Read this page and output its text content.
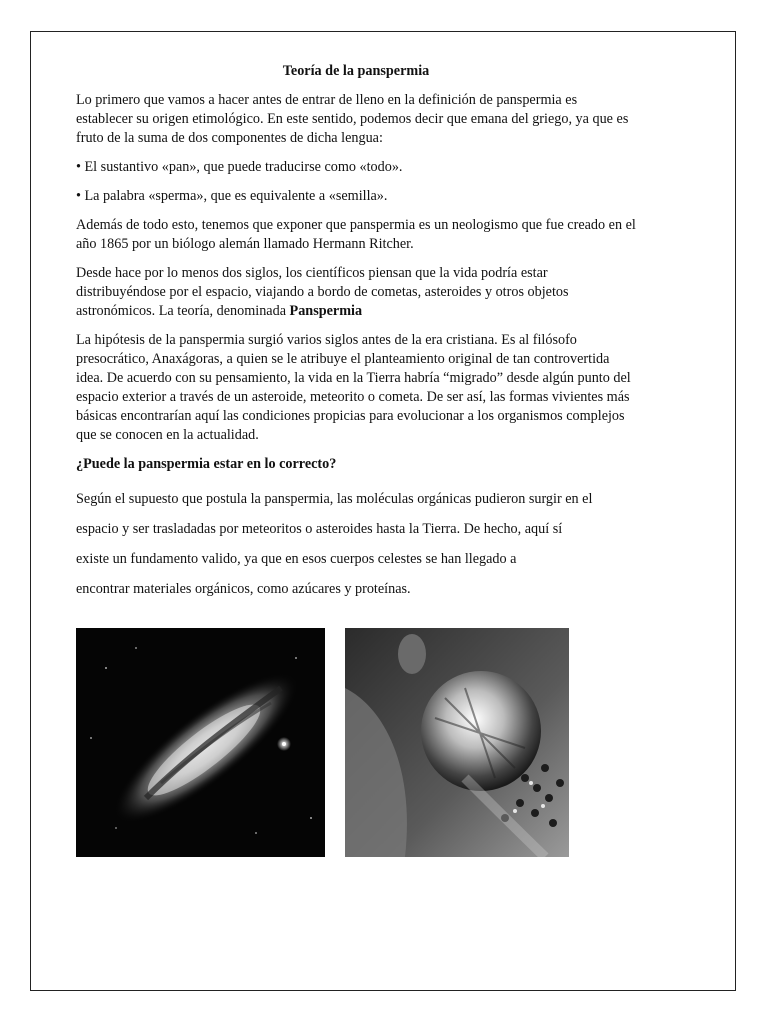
Teoría de la panspermia

Lo primero que vamos a hacer antes de entrar de lleno en la definición de panspermia es establecer su origen etimológico. En este sentido, podemos decir que emana del griego, ya que es fruto de la suma de dos componentes de dicha lengua:

• El sustantivo «pan», que puede traducirse como «todo».

• La palabra «sperma», que es equivalente a «semilla».

Además de todo esto, tenemos que exponer que panspermia es un neologismo que fue creado en el año 1865 por un biólogo alemán llamado Hermann Ritcher.

Desde hace por lo menos dos siglos, los científicos piensan que la vida podría estar distribuyéndose por el espacio, viajando a bordo de cometas, asteroides y otros objetos astronómicos. La teoría, denominada Panspermia

La hipótesis de la panspermia surgió varios siglos antes de la era cristiana. Es al filósofo presocrático, Anaxágoras, a quien se le atribuye el planteamiento original de tan controvertida idea. De acuerdo con su pensamiento, la vida en la Tierra habría “migrado” desde algún punto del espacio exterior a través de un asteroide, meteorito o cometa. De ser así, las formas vivientes más básicas encontrarían aquí las condiciones propicias para evolucionar a los organismos complejos que se conocen en la actualidad.

¿Puede la panspermia estar en lo correcto?

Según el supuesto que postula la panspermia, las moléculas orgánicas pudieron surgir en el

espacio y ser trasladadas por meteoritos o asteroides hasta la Tierra. De hecho, aquí sí

existe un fundamento valido, ya que en esos cuerpos celestes se han llegado a

encontrar materiales orgánicos, como azúcares y proteínas.
